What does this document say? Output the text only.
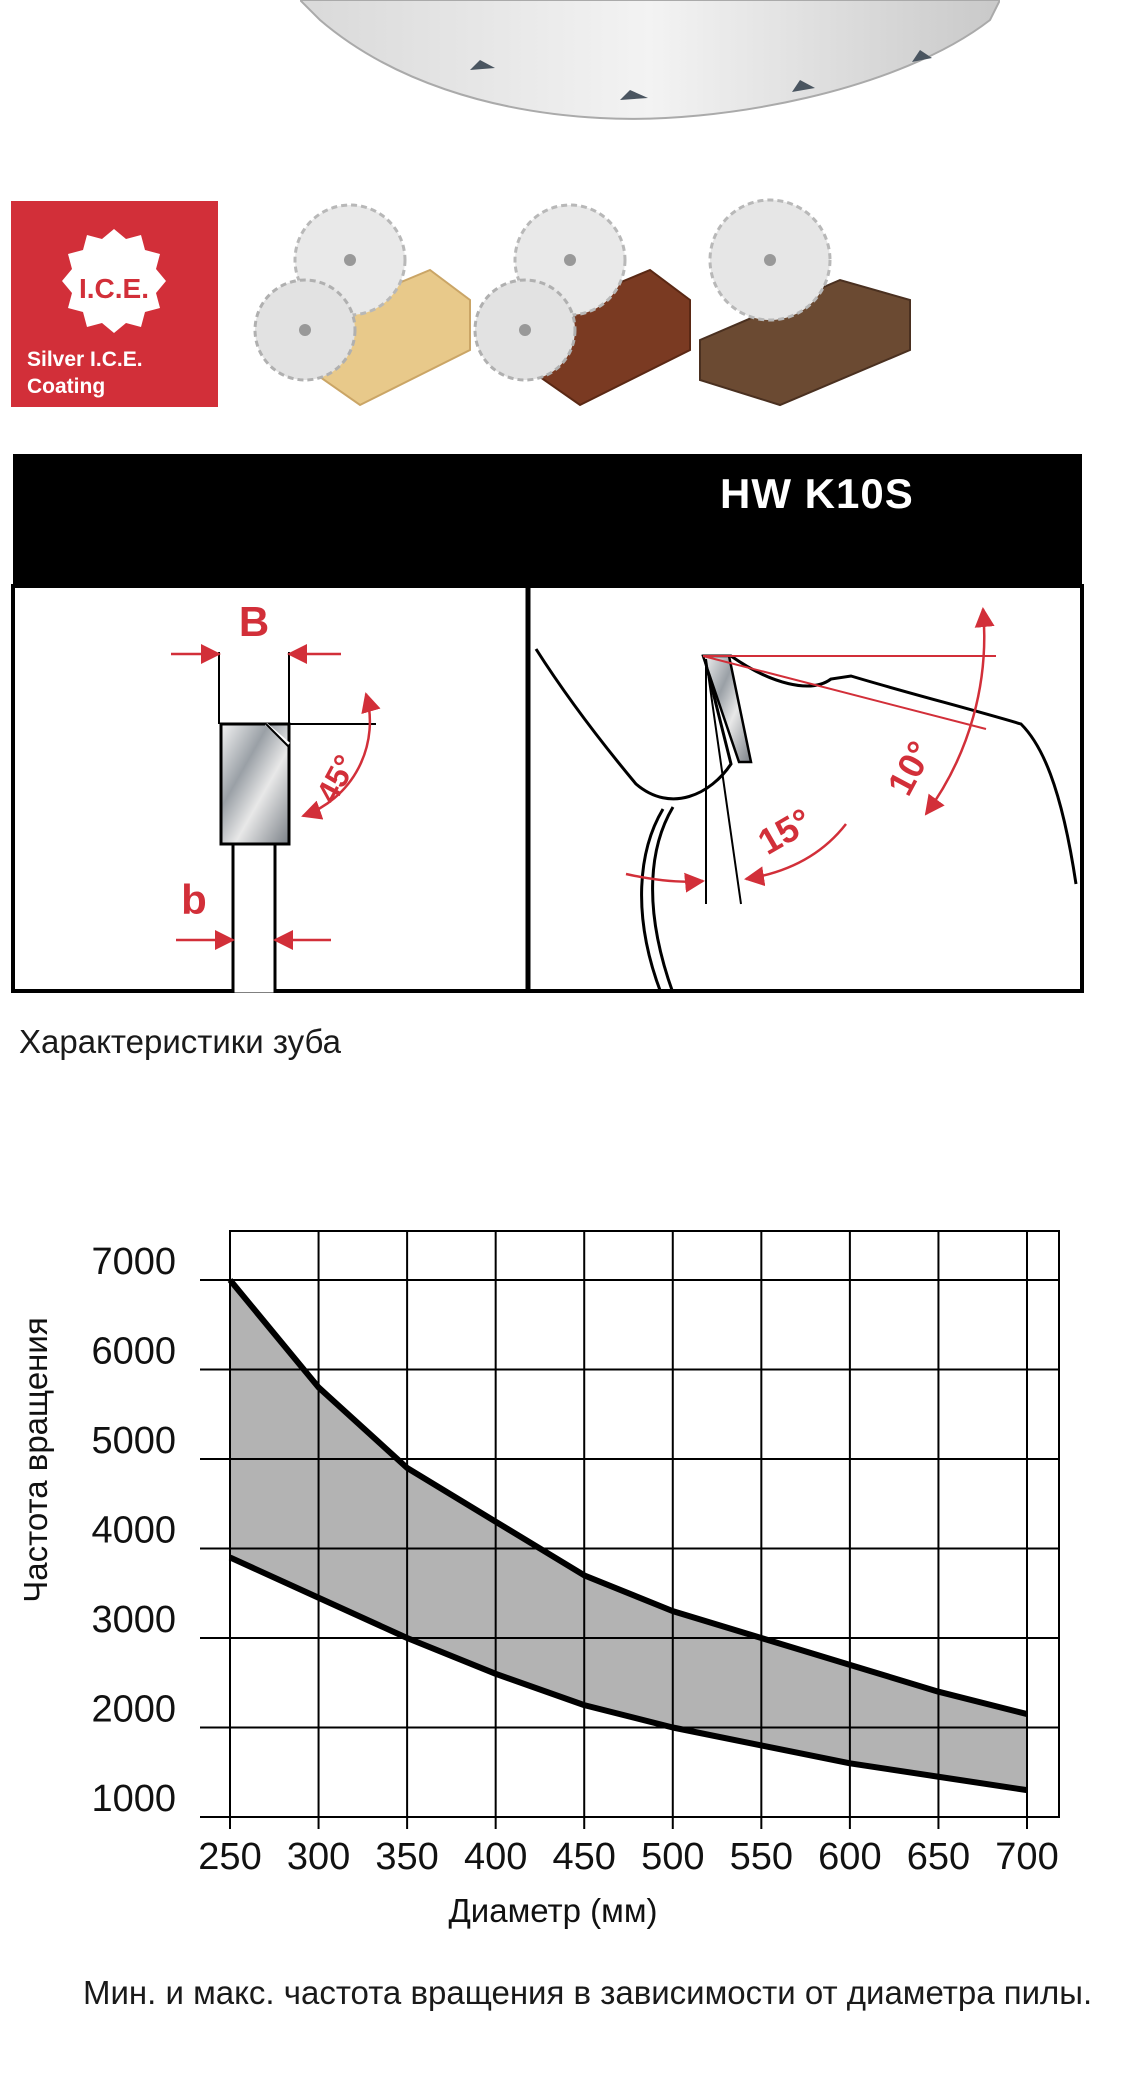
I.C.E.
Silver I.C.E.
Coating
HW K10S
B
45°
b
10°
15°
Характеристики зуба
250 300 350 400 450 500 550 600 650 700
1000
2000
3000
4000
5000
6000
7000
Диаметр (мм)
Частота вращения
Мин. и макс. частота вращения в зависимости от диаметра пилы.
